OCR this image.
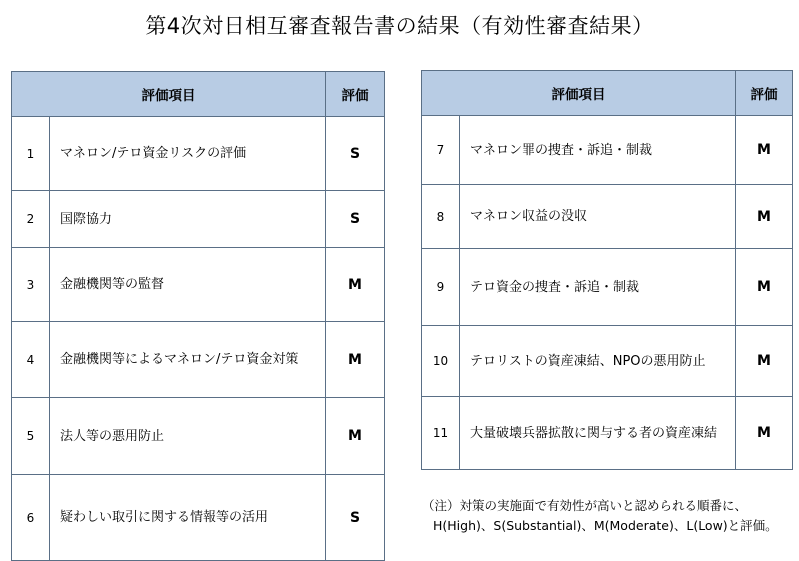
第4次対日相互審査報告書の結果（有効性審査結果）
評価項目		評価
1	マネロン/テロ資金リスクの評価	S
2	国際協力	S
3	金融機関等の監督	M
4	金融機関等によるマネロン/テロ資金対策	M
5	法人等の悪用防止	M
6	疑わしい取引に関する情報等の活用	S
評価項目		評価
7	マネロン罪の捜査・訴追・制裁	M
8	マネロン収益の没収	M
9	テロ資金の捜査・訴追・制裁	M
10	テロリストの資産凍結、NPOの悪用防止	M
11	大量破壊兵器拡散に関与する者の資産凍結	M
（注）対策の実施面で有効性が高いと認められる順番に、
H(High)、S(Substantial)、M(Moderate)、L(Low)と評価。
